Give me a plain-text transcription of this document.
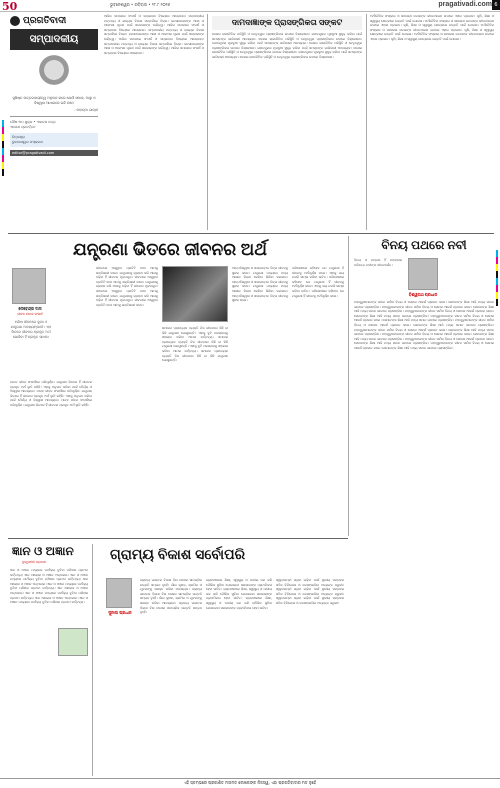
50	ଭୁବନେଶ୍ୱର • ରବିବାର • ୨୮.୮.୨୦୧୬	pragativadi.com 6
ପ୍ରଗତିବାଦୀ
ସମ୍ପାଦକୀୟ
ସୁଖିଷ୍ଟ ଉତ୍ତରଦାୟୀତ୍ୱ ଅନୁଭବ କରେ ଯେଉଁ ସମାଜ, ଆସ୍ଥା ଓ ବିଶ୍ୱାସ ଆଧାରରେ ଗଢି ଉଠେ
- ମହାତ୍ମା ଗାନ୍ଧୀ
ପୌଷ ୩୦ ଶୁକ୍ର • ଏକାଦଶ ପତ୍ର
ଏକୋଶ ପ୍ରବର୍ତ୍ତନ
ଚିନ୍ତାଶ୍ରା
ଭୁବନେଶ୍ୱର ସଂସ୍କରଣ
editor@pragativadi.com
ଆଜିର ସମାଜରେ ସଂଘର୍ଷ ଓ ସମ୍ଭାବନା ବିଷୟରେ ଆଲୋଚନା। ସମ୍ପାଦକୀୟ ମନ୍ତବ୍ୟ ଓ ରାଜ୍ୟର ବିକାଶ ସମ୍ପର୍କରେ ବିଚାର। ଜନସାଧାରଣଙ୍କ ଆଶା ଓ ଆକାଂକ୍ଷା ପୂରଣ ପାଇଁ ସରକାରଙ୍କ ଦାୟିତ୍ୱ। ଆଜିର ସମାଜରେ ସଂଘର୍ଷ ଓ ସମ୍ଭାବନା ବିଷୟରେ ଆଲୋଚନା। ସମ୍ପାଦକୀୟ ମନ୍ତବ୍ୟ ଓ ରାଜ୍ୟର ବିକାଶ ସମ୍ପର୍କରେ ବିଚାର। ଜନସାଧାରଣଙ୍କ ଆଶା ଓ ଆକାଂକ୍ଷା ପୂରଣ ପାଇଁ ସରକାରଙ୍କ ଦାୟିତ୍ୱ। ଆଜିର ସମାଜରେ ସଂଘର୍ଷ ଓ ସମ୍ଭାବନା ବିଷୟରେ ଆଲୋଚନା। ସମ୍ପାଦକୀୟ ମନ୍ତବ୍ୟ ଓ ରାଜ୍ୟର ବିକାଶ ସମ୍ପର୍କରେ ବିଚାର। ଜନସାଧାରଣଙ୍କ ଆଶା ଓ ଆକାଂକ୍ଷା ପୂରଣ ପାଇଁ ସରକାରଙ୍କ ଦାୟିତ୍ୱ। ଆଜିର ସମାଜରେ ସଂଘର୍ଷ ଓ ସମ୍ଭାବନା ବିଷୟରେ ଆଲୋଚନା।
ଦାମଦାଜ୍ଞାଙ୍କ ପ୍ରାସଙ୍ଗିକତା ସଙ୍କଟ
ଦେଶର ରାଜନୈତିକ ପରିସ୍ଥିତି ଓ ନେତୃତ୍ୱର ପ୍ରାସଙ୍ଗିକତା ଉପରେ ବିଶ୍ଳେଷଣ। ଗଣତନ୍ତ୍ରର ମୂଳଦୁଆ ସୁଦୃଢ଼ କରିବା ପାଇଁ ସମସ୍ତଙ୍କ ଭାଗିଦାରୀ ଆବଶ୍ୟକ। ଦେଶର ରାଜନୈତିକ ପରିସ୍ଥିତି ଓ ନେତୃତ୍ୱର ପ୍ରାସଙ୍ଗିକତା ଉପରେ ବିଶ୍ଳେଷଣ। ଗଣତନ୍ତ୍ରର ମୂଳଦୁଆ ସୁଦୃଢ଼ କରିବା ପାଇଁ ସମସ୍ତଙ୍କ ଭାଗିଦାରୀ ଆବଶ୍ୟକ। ଦେଶର ରାଜନୈତିକ ପରିସ୍ଥିତି ଓ ନେତୃତ୍ୱର ପ୍ରାସଙ୍ଗିକତା ଉପରେ ବିଶ୍ଳେଷଣ। ଗଣତନ୍ତ୍ରର ମୂଳଦୁଆ ସୁଦୃଢ଼ କରିବା ପାଇଁ ସମସ୍ତଙ୍କ ଭାଗିଦାରୀ ଆବଶ୍ୟକ। ଦେଶର ରାଜନୈତିକ ପରିସ୍ଥିତି ଓ ନେତୃତ୍ୱର ପ୍ରାସଙ୍ଗିକତା ଉପରେ ବିଶ୍ଳେଷଣ। ଗଣତନ୍ତ୍ରର ମୂଳଦୁଆ ସୁଦୃଢ଼ କରିବା ପାଇଁ ସମସ୍ତଙ୍କ ଭାଗିଦାରୀ ଆବଶ୍ୟକ। ଦେଶର ରାଜନୈତିକ ପରିସ୍ଥିତି ଓ ନେତୃତ୍ୱର ପ୍ରାସଙ୍ଗିକତା ଉପରେ ବିଶ୍ଳେଷଣ।
ଅର୍ଥନୈତିକ ସଂସ୍କାର ଓ ସାଧାରଣ ଜନତାଙ୍କ ଜୀବନଧାରଣ ଉପରେ ଏହାର ପ୍ରଭାବ। କୃଷି, ଶିକ୍ଷା ଓ ସ୍ୱାସ୍ଥ୍ୟ କ୍ଷେତ୍ରରେ ଉନ୍ନତି ପାଇଁ ଯୋଜନା। ଅର୍ଥନୈତିକ ସଂସ୍କାର ଓ ସାଧାରଣ ଜନତାଙ୍କ ଜୀବନଧାରଣ ଉପରେ ଏହାର ପ୍ରଭାବ। କୃଷି, ଶିକ୍ଷା ଓ ସ୍ୱାସ୍ଥ୍ୟ କ୍ଷେତ୍ରରେ ଉନ୍ନତି ପାଇଁ ଯୋଜନା। ଅର୍ଥନୈତିକ ସଂସ୍କାର ଓ ସାଧାରଣ ଜନତାଙ୍କ ଜୀବନଧାରଣ ଉପରେ ଏହାର ପ୍ରଭାବ। କୃଷି, ଶିକ୍ଷା ଓ ସ୍ୱାସ୍ଥ୍ୟ କ୍ଷେତ୍ରରେ ଉନ୍ନତି ପାଇଁ ଯୋଜନା। ଅର୍ଥନୈତିକ ସଂସ୍କାର ଓ ସାଧାରଣ ଜନତାଙ୍କ ଜୀବନଧାରଣ ଉପରେ ଏହାର ପ୍ରଭାବ। କୃଷି, ଶିକ୍ଷା ଓ ସ୍ୱାସ୍ଥ୍ୟ କ୍ଷେତ୍ରରେ ଉନ୍ନତି ପାଇଁ ଯୋଜନା।
ଯନ୍ତ୍ରଣା ଭିତରେ ଜୀବନର ଅର୍ଥ	ବିନୟ ପଥରେ ନବୀ
ଦେବେନ୍ଦ୍ର ଦାସ
ଜୀବନ ନାମକ ସଂଘର୍ଷ
ମଣିଷ ଜୀବନରେ ଦୁଃଖ ଓ ଯନ୍ତ୍ରଣା ଅବଶ୍ୟମ୍ଭାବୀ। ଏହା ଭିତରେ ଜୀବନର ପ୍ରକୃତ ଅର୍ଥ ଖୋଜିବା ହିଁ ପ୍ରକୃତ ସାଧନା।
ମାନବ ଜୀବନ ସଂଘର୍ଷରେ ପରିପୂର୍ଣ୍ଣ। ଯନ୍ତ୍ରଣା ଭିତରେ ହିଁ ଜୀବନର ପ୍ରକୃତ ଅର୍ଥ ଲୁଚି ରହିଛି। ଏହାକୁ ଅନୁଭବ କରିବା ପାଇଁ ଧୈର୍ଯ୍ୟ ଓ ବିଶ୍ୱାସ ଆବଶ୍ୟକ। ମାନବ ଜୀବନ ସଂଘର୍ଷରେ ପରିପୂର୍ଣ୍ଣ। ଯନ୍ତ୍ରଣା ଭିତରେ ହିଁ ଜୀବନର ପ୍ରକୃତ ଅର୍ଥ ଲୁଚି ରହିଛି। ଏହାକୁ ଅନୁଭବ କରିବା ପାଇଁ ଧୈର୍ଯ୍ୟ ଓ ବିଶ୍ୱାସ ଆବଶ୍ୟକ। ମାନବ ଜୀବନ ସଂଘର୍ଷରେ ପରିପୂର୍ଣ୍ଣ। ଯନ୍ତ୍ରଣା ଭିତରେ ହିଁ ଜୀବନର ପ୍ରକୃତ ଅର୍ଥ ଲୁଚି ରହିଛି।
ଜୀବନରେ ଆସୁଥିବା ପ୍ରତିଟି ବାଧା ଆମକୁ ଶକ୍ତିଶାଳୀ କରେ। ଯନ୍ତ୍ରଣାକୁ ଗ୍ରହଣ କରି ଆଗକୁ ବଢ଼ିବା ହିଁ ଜୀବନର ମୂଳମନ୍ତ୍ର। ଜୀବନରେ ଆସୁଥିବା ପ୍ରତିଟି ବାଧା ଆମକୁ ଶକ୍ତିଶାଳୀ କରେ। ଯନ୍ତ୍ରଣାକୁ ଗ୍ରହଣ କରି ଆଗକୁ ବଢ଼ିବା ହିଁ ଜୀବନର ମୂଳମନ୍ତ୍ର। ଜୀବନରେ ଆସୁଥିବା ପ୍ରତିଟି ବାଧା ଆମକୁ ଶକ୍ତିଶାଳୀ କରେ। ଯନ୍ତ୍ରଣାକୁ ଗ୍ରହଣ କରି ଆଗକୁ ବଢ଼ିବା ହିଁ ଜୀବନର ମୂଳମନ୍ତ୍ର। ଜୀବନରେ ଆସୁଥିବା ପ୍ରତିଟି ବାଧା ଆମକୁ ଶକ୍ତିଶାଳୀ କରେ।
ସମାଜର ପ୍ରତ୍ୟେକ ବ୍ୟକ୍ତି ନିଜ ଜୀବନରେ କିଛି ନା କିଛି ଯନ୍ତ୍ରଣା ଭୋଗୁଛନ୍ତି। ଏହାକୁ ବୁଝି ପରସ୍ପରକୁ ସହାୟତା କରିବା ଆମର କର୍ତ୍ତବ୍ୟ। ସମାଜର ପ୍ରତ୍ୟେକ ବ୍ୟକ୍ତି ନିଜ ଜୀବନରେ କିଛି ନା କିଛି ଯନ୍ତ୍ରଣା ଭୋଗୁଛନ୍ତି। ଏହାକୁ ବୁଝି ପରସ୍ପରକୁ ସହାୟତା କରିବା ଆମର କର୍ତ୍ତବ୍ୟ। ସମାଜର ପ୍ରତ୍ୟେକ ବ୍ୟକ୍ତି ନିଜ ଜୀବନରେ କିଛି ନା କିଛି ଯନ୍ତ୍ରଣା ଭୋଗୁଛନ୍ତି।
ଆତ୍ମବିଶ୍ୱାସ ଓ ସକାରାତ୍ମକ ଚିନ୍ତା ଜୀବନକୁ ସୁନ୍ଦର କରେ। ଯନ୍ତ୍ରଣା ମଧ୍ୟରେ ମଧ୍ୟ ଆଶାର କିରଣ ଦେଖିବା ଶିଖିବା ଦରକାର। ଆତ୍ମବିଶ୍ୱାସ ଓ ସକାରାତ୍ମକ ଚିନ୍ତା ଜୀବନକୁ ସୁନ୍ଦର କରେ। ଯନ୍ତ୍ରଣା ମଧ୍ୟରେ ମଧ୍ୟ ଆଶାର କିରଣ ଦେଖିବା ଶିଖିବା ଦରକାର। ଆତ୍ମବିଶ୍ୱାସ ଓ ସକାରାତ୍ମକ ଚିନ୍ତା ଜୀବନକୁ ସୁନ୍ଦର କରେ।
ପରିଶେଷରେ କହିହେବ ଯେ ଯନ୍ତ୍ରଣା ହିଁ ଜୀବନକୁ ଅର୍ଥପୂର୍ଣ୍ଣ କରେ। ଏହାକୁ ଭୟ ନକରି ସାମ୍ନା କରିବା ଉଚିତ। ପରିଶେଷରେ କହିହେବ ଯେ ଯନ୍ତ୍ରଣା ହିଁ ଜୀବନକୁ ଅର୍ଥପୂର୍ଣ୍ଣ କରେ। ଏହାକୁ ଭୟ ନକରି ସାମ୍ନା କରିବା ଉଚିତ। ପରିଶେଷରେ କହିହେବ ଯେ ଯନ୍ତ୍ରଣା ହିଁ ଜୀବନକୁ ଅର୍ଥପୂର୍ଣ୍ଣ କରେ।	ବିଶ୍ୱନାଥ ପ୍ରଧାନ
ବିନୟ ଓ ନମ୍ରତା ହିଁ ମହାନତାର ପରିଚୟ। ନବୀଙ୍କ ଜୀବନଦର୍ଶନ।
ମହାପୁରୁଷମାନଙ୍କ ଜୀବନ ସର୍ବଦା ବିନୟ ଓ ସେବାର ଆଦର୍ଶ ପ୍ରଦାନ କରେ। ସେମାନଙ୍କ ଶିକ୍ଷା ଆଜି ମଧ୍ୟ ସମାନ ଭାବରେ ପ୍ରାସଙ୍ଗିକ। ମହାପୁରୁଷମାନଙ୍କ ଜୀବନ ସର୍ବଦା ବିନୟ ଓ ସେବାର ଆଦର୍ଶ ପ୍ରଦାନ କରେ। ସେମାନଙ୍କ ଶିକ୍ଷା ଆଜି ମଧ୍ୟ ସମାନ ଭାବରେ ପ୍ରାସଙ୍ଗିକ। ମହାପୁରୁଷମାନଙ୍କ ଜୀବନ ସର୍ବଦା ବିନୟ ଓ ସେବାର ଆଦର୍ଶ ପ୍ରଦାନ କରେ। ସେମାନଙ୍କ ଶିକ୍ଷା ଆଜି ମଧ୍ୟ ସମାନ ଭାବରେ ପ୍ରାସଙ୍ଗିକ। ମହାପୁରୁଷମାନଙ୍କ ଜୀବନ ସର୍ବଦା ବିନୟ ଓ ସେବାର ଆଦର୍ଶ ପ୍ରଦାନ କରେ। ସେମାନଙ୍କ ଶିକ୍ଷା ଆଜି ମଧ୍ୟ ସମାନ ଭାବରେ ପ୍ରାସଙ୍ଗିକ। ମହାପୁରୁଷମାନଙ୍କ ଜୀବନ ସର୍ବଦା ବିନୟ ଓ ସେବାର ଆଦର୍ଶ ପ୍ରଦାନ କରେ। ସେମାନଙ୍କ ଶିକ୍ଷା ଆଜି ମଧ୍ୟ ସମାନ ଭାବରେ ପ୍ରାସଙ୍ଗିକ। ମହାପୁରୁଷମାନଙ୍କ ଜୀବନ ସର୍ବଦା ବିନୟ ଓ ସେବାର ଆଦର୍ଶ ପ୍ରଦାନ କରେ। ସେମାନଙ୍କ ଶିକ୍ଷା ଆଜି ମଧ୍ୟ ସମାନ ଭାବରେ ପ୍ରାସଙ୍ଗିକ। ମହାପୁରୁଷମାନଙ୍କ ଜୀବନ ସର୍ବଦା ବିନୟ ଓ ସେବାର ଆଦର୍ଶ ପ୍ରଦାନ କରେ। ସେମାନଙ୍କ ଶିକ୍ଷା ଆଜି ମଧ୍ୟ ସମାନ ଭାବରେ ପ୍ରାସଙ୍ଗିକ। ମହାପୁରୁଷମାନଙ୍କ ଜୀବନ ସର୍ବଦା ବିନୟ ଓ ସେବାର ଆଦର୍ଶ ପ୍ରଦାନ କରେ। ସେମାନଙ୍କ ଶିକ୍ଷା ଆଜି ମଧ୍ୟ ସମାନ ଭାବରେ ପ୍ରାସଙ୍ଗିକ। ମହାପୁରୁଷମାନଙ୍କ ଜୀବନ ସର୍ବଦା ବିନୟ ଓ ସେବାର ଆଦର୍ଶ ପ୍ରଦାନ କରେ। ସେମାନଙ୍କ ଶିକ୍ଷା ଆଜି ମଧ୍ୟ ସମାନ ଭାବରେ ପ୍ରାସଙ୍ଗିକ।
ଜ୍ଞାନ ଓ ଅଜ୍ଞାନ
ବୁଦ୍ଧିଜୀବୀ ପ୍ରଧାନ
ଜ୍ଞାନ ଓ ଅଜ୍ଞାନ ମଧ୍ୟରେ ପାର୍ଥକ୍ୟ ବୁଝିବା ମଣିଷର ପ୍ରଥମ କର୍ତ୍ତବ୍ୟ। ଜ୍ଞାନ ଆଲୋକ ଓ ଅଜ୍ଞାନ ଅନ୍ଧକାର। ଜ୍ଞାନ ଓ ଅଜ୍ଞାନ ମଧ୍ୟରେ ପାର୍ଥକ୍ୟ ବୁଝିବା ମଣିଷର ପ୍ରଥମ କର୍ତ୍ତବ୍ୟ। ଜ୍ଞାନ ଆଲୋକ ଓ ଅଜ୍ଞାନ ଅନ୍ଧକାର। ଜ୍ଞାନ ଓ ଅଜ୍ଞାନ ମଧ୍ୟରେ ପାର୍ଥକ୍ୟ ବୁଝିବା ମଣିଷର ପ୍ରଥମ କର୍ତ୍ତବ୍ୟ। ଜ୍ଞାନ ଆଲୋକ ଓ ଅଜ୍ଞାନ ଅନ୍ଧକାର। ଜ୍ଞାନ ଓ ଅଜ୍ଞାନ ମଧ୍ୟରେ ପାର୍ଥକ୍ୟ ବୁଝିବା ମଣିଷର ପ୍ରଥମ କର୍ତ୍ତବ୍ୟ। ଜ୍ଞାନ ଆଲୋକ ଓ ଅଜ୍ଞାନ ଅନ୍ଧକାର। ଜ୍ଞାନ ଓ ଅଜ୍ଞାନ ମଧ୍ୟରେ ପାର୍ଥକ୍ୟ ବୁଝିବା ମଣିଷର ପ୍ରଥମ କର୍ତ୍ତବ୍ୟ।
ଗ୍ରାମ୍ୟ ବିକାଶ ସର୍ବୋପରି
ସୁନୀଲ ପ୍ରଧାନ
ଗ୍ରାମ୍ୟ ଭାରତର ବିକାଶ ବିନା ଦେଶର ସାମଗ୍ରିକ ଉନ୍ନତି ସମ୍ଭବ ନୁହେଁ। ଗାଁର କୃଷକ, ଶ୍ରମିକ ଓ ଯୁବକଙ୍କୁ ସଶକ୍ତ କରିବା ଆବଶ୍ୟକ। ଗ୍ରାମ୍ୟ ଭାରତର ବିକାଶ ବିନା ଦେଶର ସାମଗ୍ରିକ ଉନ୍ନତି ସମ୍ଭବ ନୁହେଁ। ଗାଁର କୃଷକ, ଶ୍ରମିକ ଓ ଯୁବକଙ୍କୁ ସଶକ୍ତ କରିବା ଆବଶ୍ୟକ। ଗ୍ରାମ୍ୟ ଭାରତର ବିକାଶ ବିନା ଦେଶର ସାମଗ୍ରିକ ଉନ୍ନତି ସମ୍ଭବ ନୁହେଁ।
ଗ୍ରାମାଞ୍ଚଳରେ ଶିକ୍ଷା, ସ୍ୱାସ୍ଥ୍ୟ ଓ ପାନୀୟ ଜଳ ଭଳି ମୌଳିକ ସୁବିଧା ଯୋଗାଇବା ସରକାରଙ୍କ ପ୍ରାଥମିକତା ହେବା ଉଚିତ। ଗ୍ରାମାଞ୍ଚଳରେ ଶିକ୍ଷା, ସ୍ୱାସ୍ଥ୍ୟ ଓ ପାନୀୟ ଜଳ ଭଳି ମୌଳିକ ସୁବିଧା ଯୋଗାଇବା ସରକାରଙ୍କ ପ୍ରାଥମିକତା ହେବା ଉଚିତ। ଗ୍ରାମାଞ୍ଚଳରେ ଶିକ୍ଷା, ସ୍ୱାସ୍ଥ୍ୟ ଓ ପାନୀୟ ଜଳ ଭଳି ମୌଳିକ ସୁବିଧା ଯୋଗାଇବା ସରକାରଙ୍କ ପ୍ରାଥମିକତା ହେବା ଉଚିତ।
ସ୍ୱାବଲମ୍ବୀ ଗ୍ରାମ ଗଢ଼ିବା ପାଇଁ ସ୍ଥାନୀୟ ସମ୍ବଳର ସଠିକ ବିନିଯୋଗ ଓ ଜନସହଭାଗିତା ଅତ୍ୟନ୍ତ ଜରୁରୀ। ସ୍ୱାବଲମ୍ବୀ ଗ୍ରାମ ଗଢ଼ିବା ପାଇଁ ସ୍ଥାନୀୟ ସମ୍ବଳର ସଠିକ ବିନିଯୋଗ ଓ ଜନସହଭାଗିତା ଅତ୍ୟନ୍ତ ଜରୁରୀ। ସ୍ୱାବଲମ୍ବୀ ଗ୍ରାମ ଗଢ଼ିବା ପାଇଁ ସ୍ଥାନୀୟ ସମ୍ବଳର ସଠିକ ବିନିଯୋଗ ଓ ଜନସହଭାଗିତା ଅତ୍ୟନ୍ତ ଜରୁରୀ।
ଏହି ସ୍ତମ୍ଭରେ ପ୍ରକାଶିତ ମତାମତ ଲେଖକଙ୍କ ନିଜସ୍ୱ, ଏହା ପ୍ରଗତିବାଦୀର ମତ ନୁହେଁ
